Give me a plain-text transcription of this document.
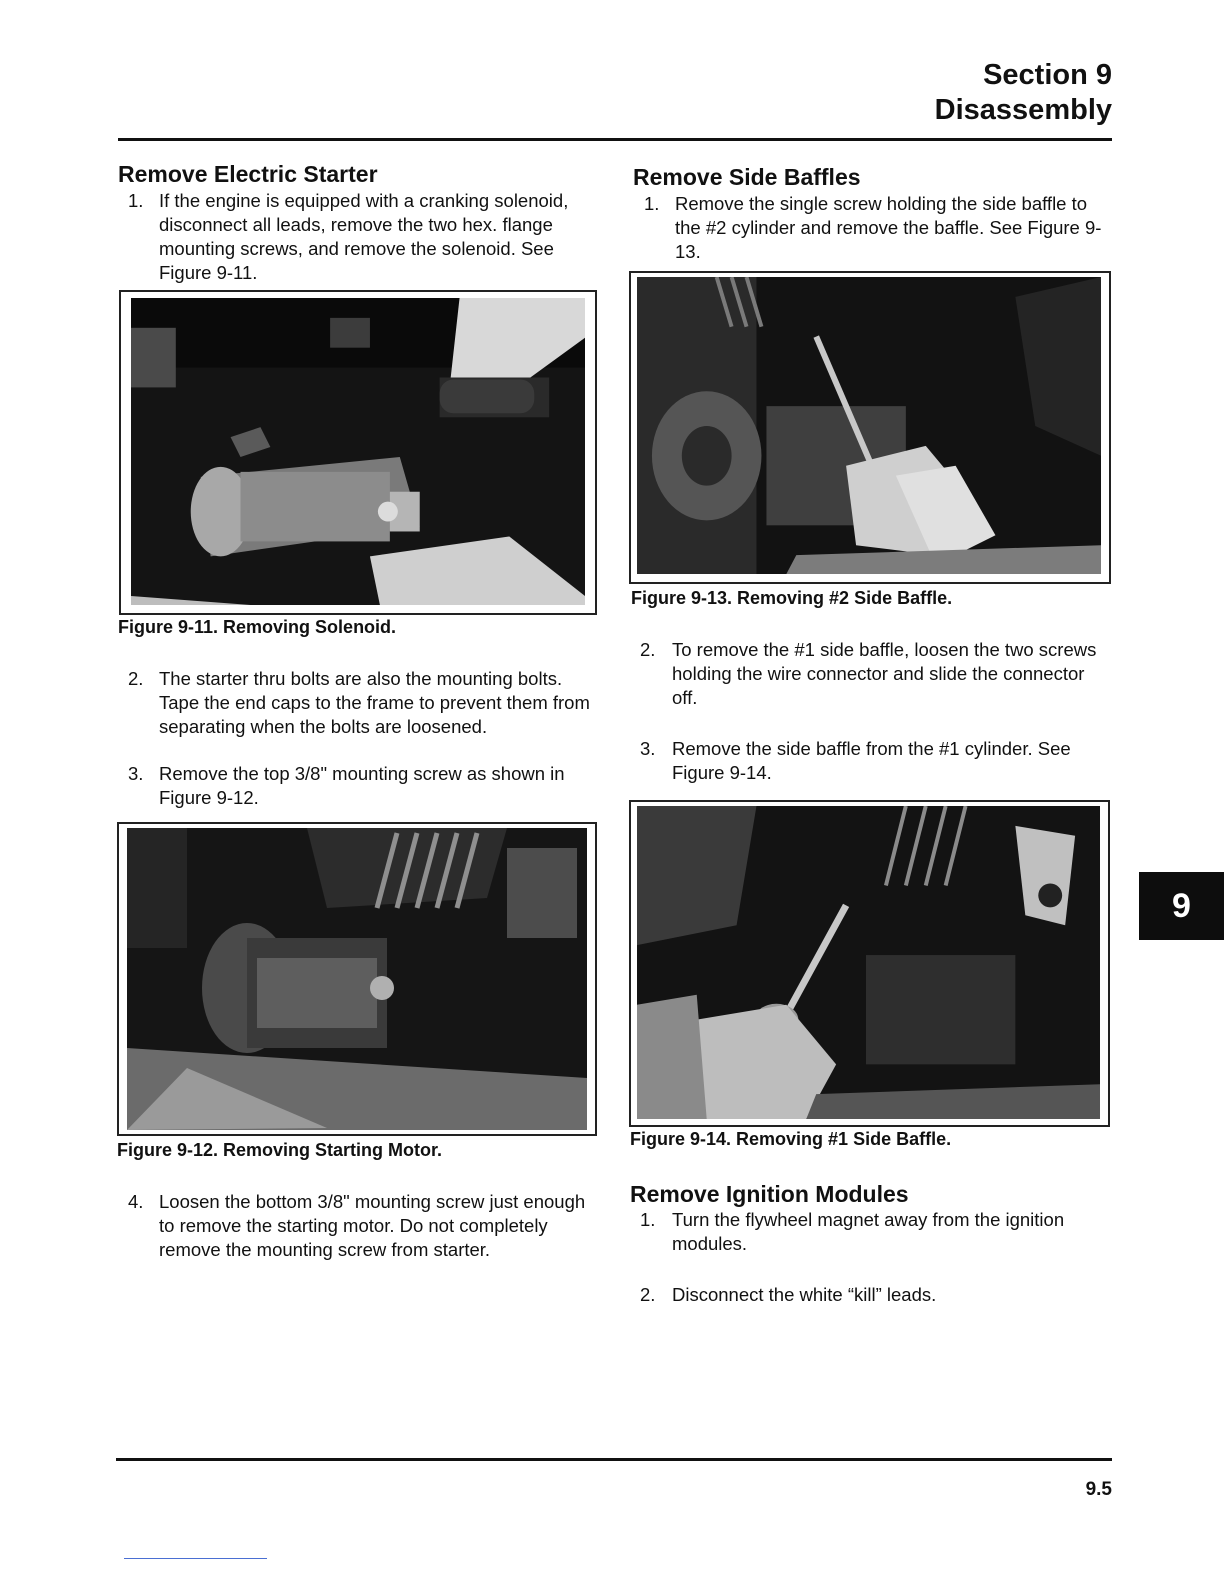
Section 9
Disassembly
9
Remove Electric Starter
1. If the engine is equipped with a cranking solenoid, disconnect all leads, remove the two hex. flange mounting screws, and remove the solenoid. See Figure 9-11.
Figure 9-11. Removing Solenoid.
2. The starter thru bolts are also the mounting bolts. Tape the end caps to the frame to prevent them from separating when the bolts are loosened.
3. Remove the top 3/8" mounting screw as shown in Figure 9-12.
Figure 9-12. Removing Starting Motor.
4. Loosen the bottom 3/8" mounting screw just enough to remove the starting motor. Do not completely remove the mounting screw from starter.
Remove Side Baffles
1. Remove the single screw holding the side baffle to the #2 cylinder and remove the baffle. See Figure 9-13.
Figure 9-13. Removing #2 Side Baffle.
2. To remove the #1 side baffle, loosen the two screws holding the wire connector and slide the connector off.
3. Remove the side baffle from the #1 cylinder. See Figure 9-14.
Figure 9-14. Removing #1 Side Baffle.
Remove Ignition Modules
1. Turn the flywheel magnet away from the ignition modules.
2. Disconnect the white “kill” leads.
9.5
